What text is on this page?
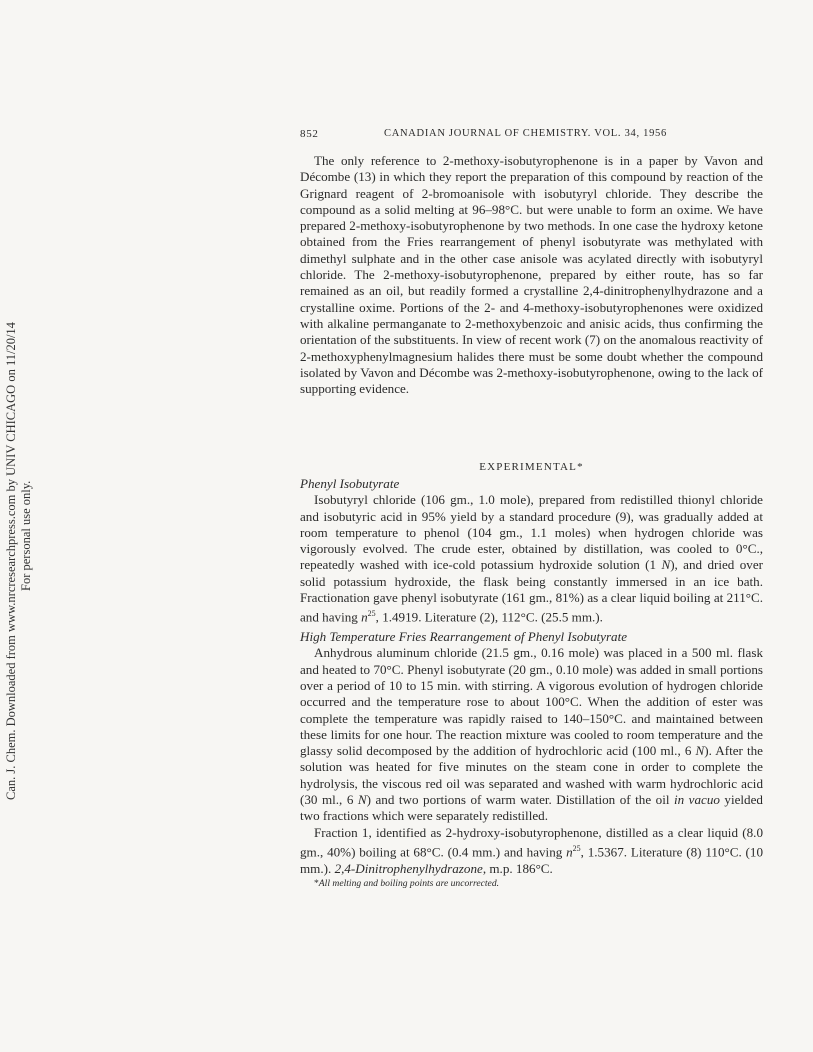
Can. J. Chem. Downloaded from www.nrcresearchpress.com by UNIV CHICAGO on 11/20/14 For personal use only.
852	CANADIAN JOURNAL OF CHEMISTRY. VOL. 34, 1956

The only reference to 2-methoxy-isobutyrophenone is in a paper by Vavon and Décombe (13) in which they report the preparation of this compound by reaction of the Grignard reagent of 2-bromoanisole with isobutyryl chloride. They describe the compound as a solid melting at 96–98°C. but were unable to form an oxime. We have prepared 2-methoxy-isobutyrophenone by two methods. In one case the hydroxy ketone obtained from the Fries rearrangement of phenyl isobutyrate was methylated with dimethyl sulphate and in the other case anisole was acylated directly with isobutyryl chloride. The 2-methoxy-isobutyrophenone, prepared by either route, has so far remained as an oil, but readily formed a crystalline 2,4-dinitrophenylhydrazone and a crystalline oxime. Portions of the 2- and 4-methoxy-isobutyrophenones were oxidized with alkaline permanganate to 2-methoxybenzoic and anisic acids, thus confirming the orientation of the substituents. In view of recent work (7) on the anomalous reactivity of 2-methoxyphenylmagnesium halides there must be some doubt whether the compound isolated by Vavon and Décombe was 2-methoxy-isobutyrophenone, owing to the lack of supporting evidence.

EXPERIMENTAL*

Phenyl Isobutyrate

Isobutyryl chloride (106 gm., 1.0 mole), prepared from redistilled thionyl chloride and isobutyric acid in 95% yield by a standard procedure (9), was gradually added at room temperature to phenol (104 gm., 1.1 moles) when hydrogen chloride was vigorously evolved. The crude ester, obtained by distillation, was cooled to 0°C., repeatedly washed with ice-cold potassium hydroxide solution (1 N), and dried over solid potassium hydroxide, the flask being constantly immersed in an ice bath. Fractionation gave phenyl isobutyrate (161 gm., 81%) as a clear liquid boiling at 211°C. and having $n^{25}$, 1.4919. Literature (2), 112°C. (25.5 mm.).

High Temperature Fries Rearrangement of Phenyl Isobutyrate

Anhydrous aluminum chloride (21.5 gm., 0.16 mole) was placed in a 500 ml. flask and heated to 70°C. Phenyl isobutyrate (20 gm., 0.10 mole) was added in small portions over a period of 10 to 15 min. with stirring. A vigorous evolution of hydrogen chloride occurred and the temperature rose to about 100°C. When the addition of ester was complete the temperature was rapidly raised to 140–150°C. and maintained between these limits for one hour. The reaction mixture was cooled to room temperature and the glassy solid decomposed by the addition of hydrochloric acid (100 ml., 6 N). After the solution was heated for five minutes on the steam cone in order to complete the hydrolysis, the viscous red oil was separated and washed with warm hydrochloric acid (30 ml., 6 N) and two portions of warm water. Distillation of the oil in vacuo yielded two fractions which were separately redistilled.

Fraction 1, identified as 2-hydroxy-isobutyrophenone, distilled as a clear liquid (8.0 gm., 40%) boiling at 68°C. (0.4 mm.) and having $n^{25}$, 1.5367. Literature (8) 110°C. (10 mm.). 2,4-Dinitrophenylhydrazone, m.p. 186°C.

*All melting and boiling points are uncorrected.
